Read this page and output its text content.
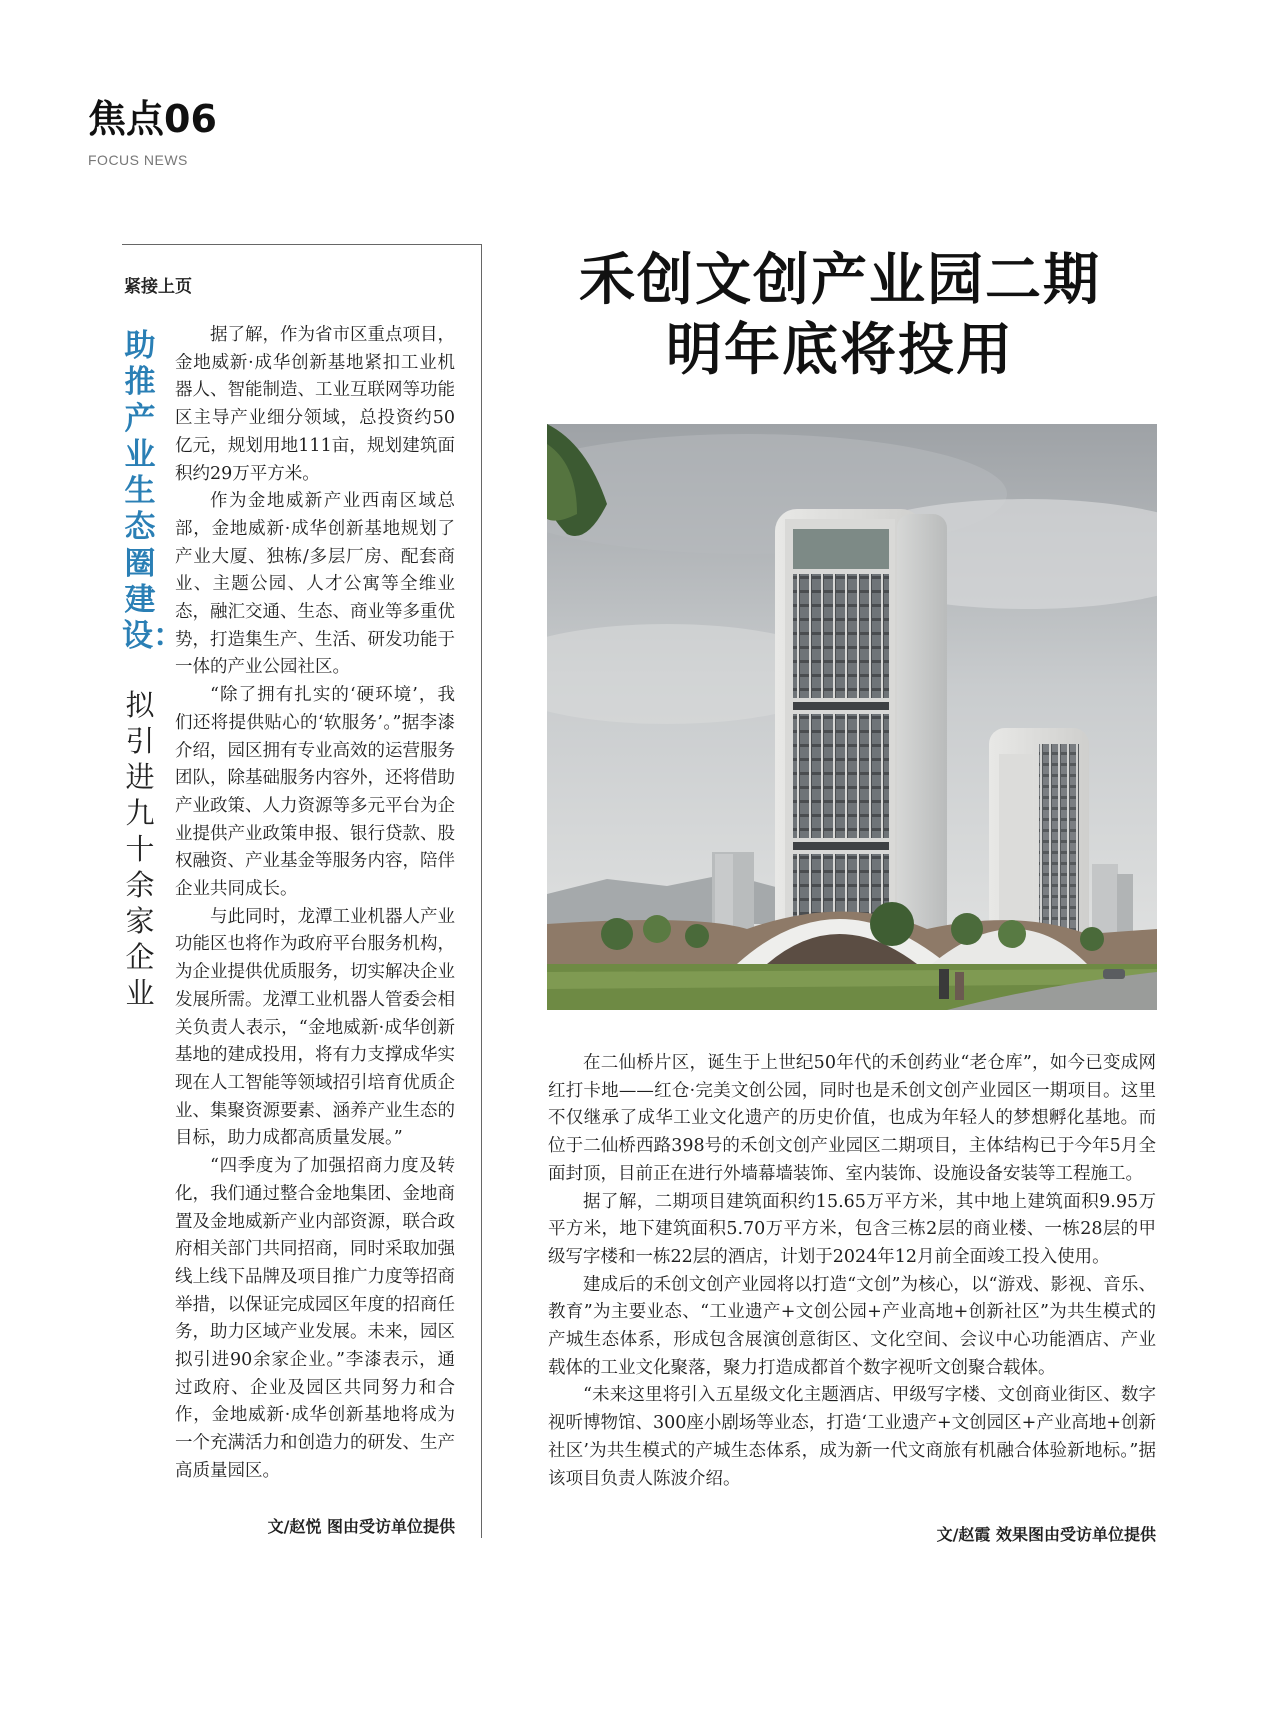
焦点06
FOCUS NEWS
紧接上页
助推产业生态圈建设：
拟引进九十余家企业

据了解，作为省市区重点项目，金地威新·成华创新基地紧扣工业机器人、智能制造、工业互联网等功能区主导产业细分领域，总投资约50亿元，规划用地111亩，规划建筑面积约29万平方米。

作为金地威新产业西南区域总部，金地威新·成华创新基地规划了产业大厦、独栋/多层厂房、配套商业、主题公园、人才公寓等全维业态，融汇交通、生态、商业等多重优势，打造集生产、生活、研发功能于一体的产业公园社区。

“除了拥有扎实的‘硬环境’，我们还将提供贴心的‘软服务’。”据李漆介绍，园区拥有专业高效的运营服务团队，除基础服务内容外，还将借助产业政策、人力资源等多元平台为企业提供产业政策申报、银行贷款、股权融资、产业基金等服务内容，陪伴企业共同成长。

与此同时，龙潭工业机器人产业功能区也将作为政府平台服务机构，为企业提供优质服务，切实解决企业发展所需。龙潭工业机器人管委会相关负责人表示，“金地威新·成华创新基地的建成投用，将有力支撑成华实现在人工智能等领域招引培育优质企业、集聚资源要素、涵养产业生态的目标，助力成都高质量发展。”

“四季度为了加强招商力度及转化，我们通过整合金地集团、金地商置及金地威新产业内部资源，联合政府相关部门共同招商，同时采取加强线上线下品牌及项目推广力度等招商举措，以保证完成园区年度的招商任务，助力区域产业发展。未来，园区拟引进90余家企业。”李漆表示，通过政府、企业及园区共同努力和合作，金地威新·成华创新基地将成为一个充满活力和创造力的研发、生产高质量园区。

文/赵悦 图由受访单位提供
禾创文创产业园二期
明年底将投用

在二仙桥片区，诞生于上世纪50年代的禾创药业“老仓库”，如今已变成网红打卡地——红仓·完美文创公园，同时也是禾创文创产业园区一期项目。这里不仅继承了成华工业文化遗产的历史价值，也成为年轻人的梦想孵化基地。而位于二仙桥西路398号的禾创文创产业园区二期项目，主体结构已于今年5月全面封顶，目前正在进行外墙幕墙装饰、室内装饰、设施设备安装等工程施工。

据了解，二期项目建筑面积约15.65万平方米，其中地上建筑面积9.95万平方米，地下建筑面积5.70万平方米，包含三栋2层的商业楼、一栋28层的甲级写字楼和一栋22层的酒店，计划于2024年12月前全面竣工投入使用。

建成后的禾创文创产业园将以打造“文创”为核心，以“游戏、影视、音乐、教育”为主要业态、“工业遗产+文创公园+产业高地+创新社区”为共生模式的产城生态体系，形成包含展演创意街区、文化空间、会议中心功能酒店、产业载体的工业文化聚落，聚力打造成都首个数字视听文创聚合载体。

“未来这里将引入五星级文化主题酒店、甲级写字楼、文创商业街区、数字视听博物馆、300座小剧场等业态，打造‘工业遗产+文创园区+产业高地+创新社区’为共生模式的产城生态体系，成为新一代文商旅有机融合体验新地标。”据该项目负责人陈波介绍。

文/赵霞 效果图由受访单位提供
